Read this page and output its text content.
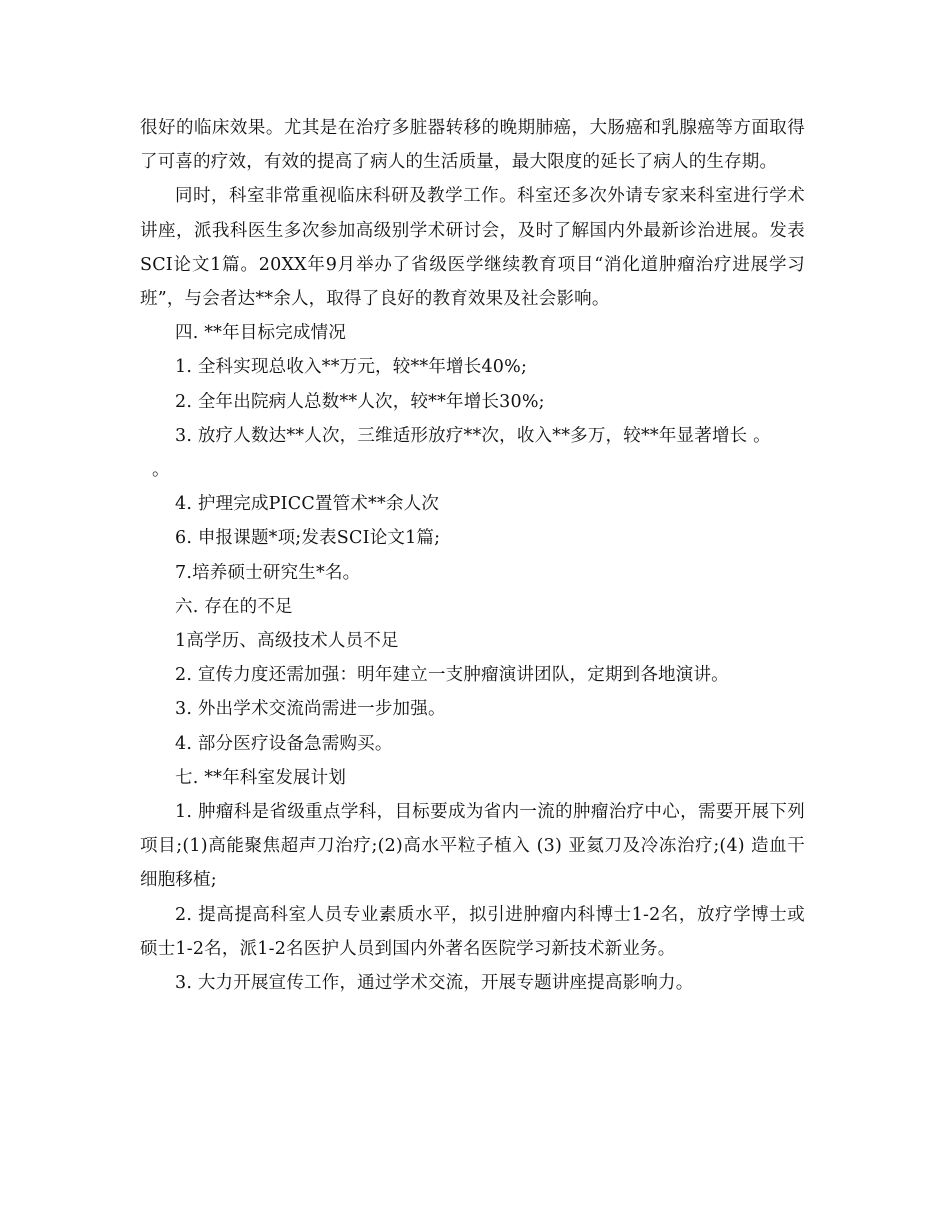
很好的临床效果。尤其是在治疗多脏器转移的晚期肺癌，大肠癌和乳腺癌等方面取得了可喜的疗效，有效的提高了病人的生活质量，最大限度的延长了病人的生存期。

同时，科室非常重视临床科研及教学工作。科室还多次外请专家来科室进行学术讲座，派我科医生多次参加高级别学术研讨会，及时了解国内外最新诊治进展。发表SCI论文1篇。20XX年9月举办了省级医学继续教育项目“消化道肿瘤治疗进展学习班”，与会者达**余人，取得了良好的教育效果及社会影响。

四. **年目标完成情况

1. 全科实现总收入**万元，较**年增长40%;

2. 全年出院病人总数**人次，较**年增长30%;

3. 放疗人数达**人次，三维适形放疗**次，收入**多万，较**年显著增长 。

。

4. 护理完成PICC置管术**余人次

6. 申报课题*项;发表SCI论文1篇;

7.培养硕士研究生*名。

六. 存在的不足

1高学历、高级技术人员不足

2. 宣传力度还需加强：明年建立一支肿瘤演讲团队，定期到各地演讲。

3. 外出学术交流尚需进一步加强。

4. 部分医疗设备急需购买。

七. **年科室发展计划

1. 肿瘤科是省级重点学科，目标要成为省内一流的肿瘤治疗中心，需要开展下列项目;(1)高能聚焦超声刀治疗;(2)高水平粒子植入 (3) 亚氦刀及冷冻治疗;(4) 造血干细胞移植;

2. 提高提高科室人员专业素质水平，拟引进肿瘤内科博士1-2名，放疗学博士或硕士1-2名，派1-2名医护人员到国内外著名医院学习新技术新业务。

3. 大力开展宣传工作，通过学术交流，开展专题讲座提高影响力。
